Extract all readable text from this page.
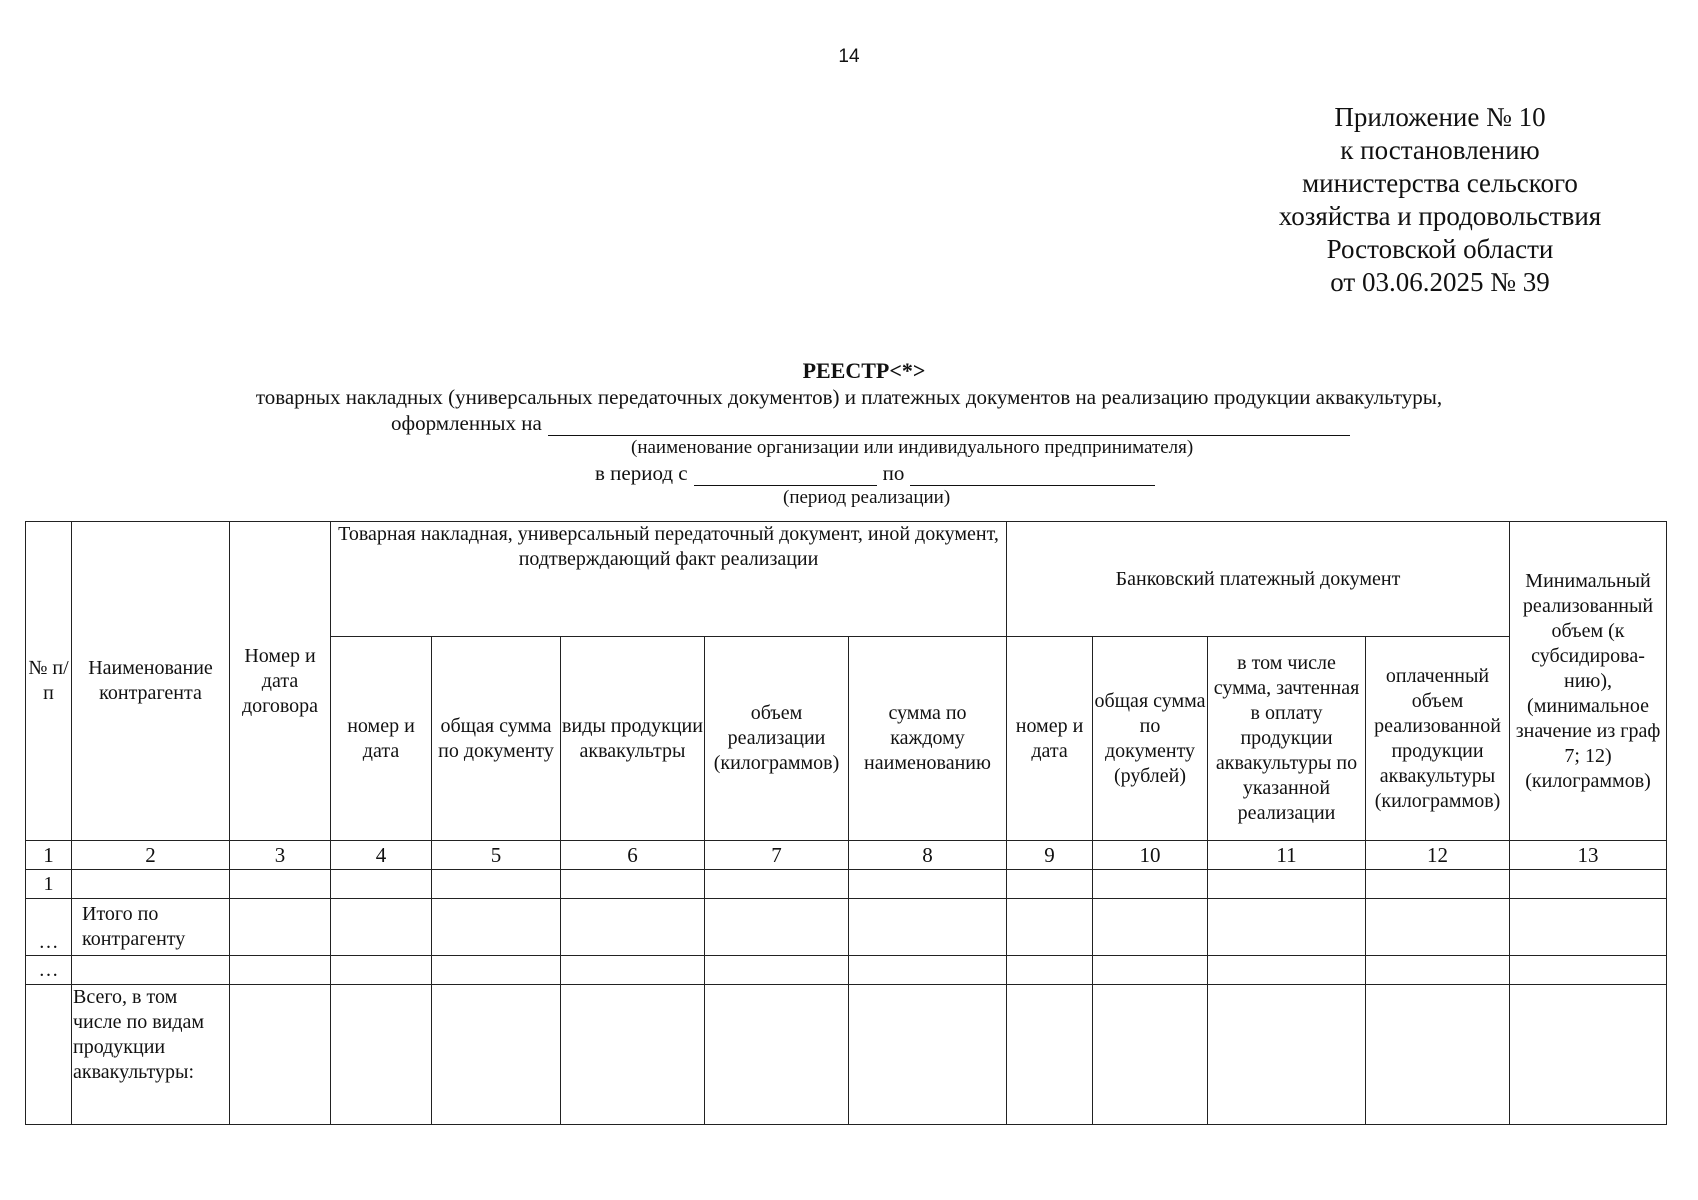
14
Приложение № 10
к постановлению
министерства сельского
хозяйства и продовольствия
Ростовской области
от 03.06.2025 № 39
РЕЕСТР<*>
товарных накладных (универсальных передаточных документов) и платежных документов на реализацию продукции аквакультуры,
оформленных на
(наименование организации или индивидуального предпринимателя)
в период с	по
(период реализации)
№ п/п	Наименование контрагента	Номер и дата договора	Товарная накладная, универсальный передаточный документ, иной документ, подтверждающий факт реализации					Банковский платежный документ				Минимальный реализованный объем (к субсидирова-нию), (минимальное значение из граф 7; 12) (килограммов)
			номер и дата	общая сумма по документу	виды продукции аквакультры	объем реализации (килограммов)	сумма по каждому наименованию	номер и дата	общая сумма по документу (рублей)	в том числе сумма, зачтенная в оплату продукции аквакультуры по указанной реализации	оплаченный объем реализованной продукции аквакультуры (килограммов)	
1	2	3	4	5	6	7	8	9	10	11	12	13
1												
…	Итого по контрагенту											
…												
	Всего, в том числе по видам продукции аквакультуры:											
